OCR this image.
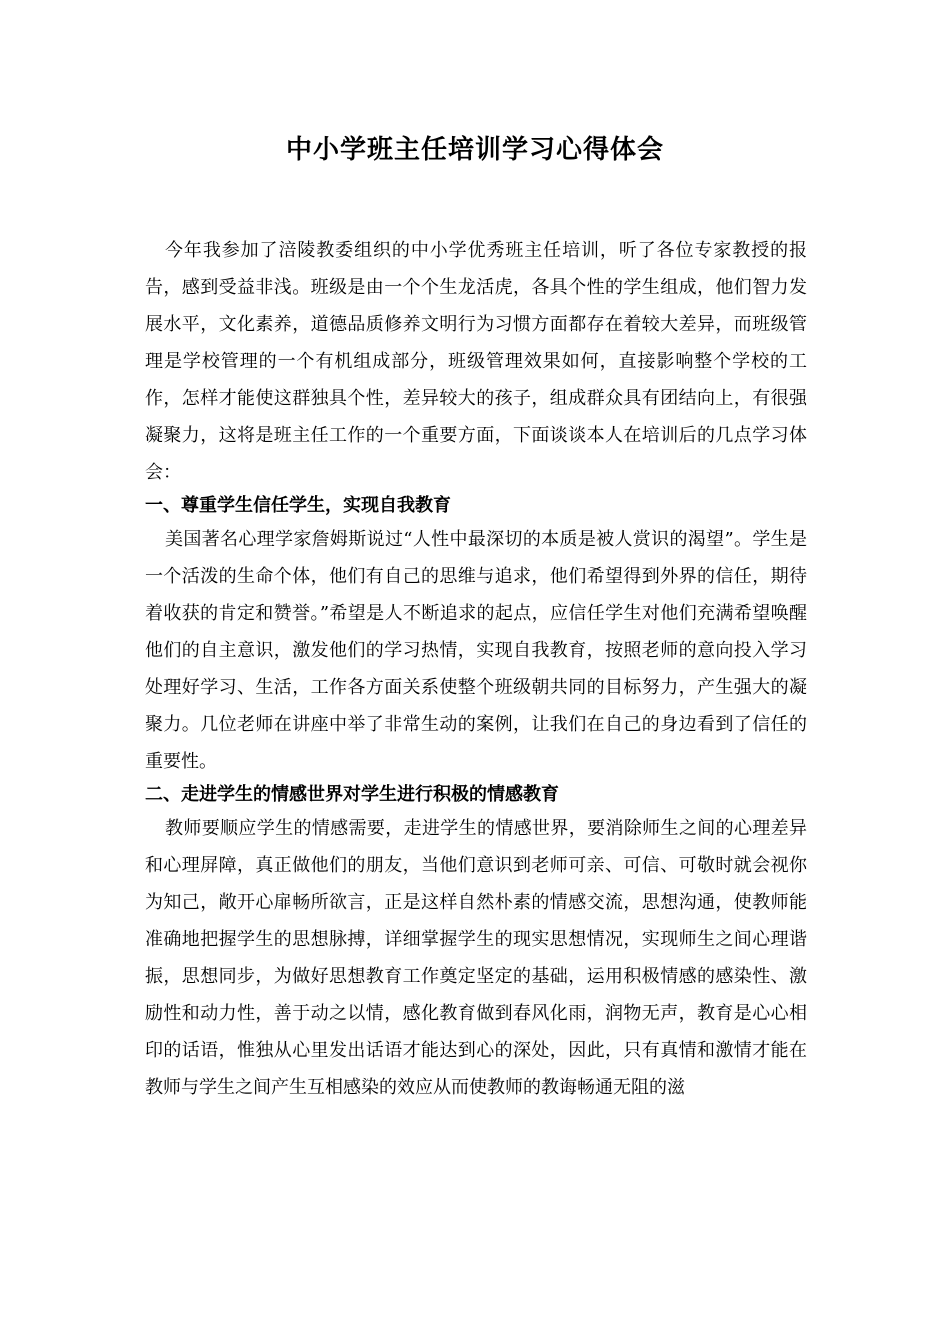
中小学班主任培训学习心得体会

今年我参加了涪陵教委组织的中小学优秀班主任培训，听了各位专家教授的报告，感到受益非浅。班级是由一个个生龙活虎，各具个性的学生组成，他们智力发展水平，文化素养，道德品质修养文明行为习惯方面都存在着较大差异，而班级管理是学校管理的一个有机组成部分，班级管理效果如何，直接影响整个学校的工作，怎样才能使这群独具个性，差异较大的孩子，组成群众具有团结向上，有很强凝聚力，这将是班主任工作的一个重要方面，下面谈谈本人在培训后的几点学习体会：

一、尊重学生信任学生，实现自我教育

美国著名心理学家詹姆斯说过“人性中最深切的本质是被人赏识的渴望”。学生是一个活泼的生命个体，他们有自己的思维与追求，他们希望得到外界的信任，期待着收获的肯定和赞誉。”希望是人不断追求的起点，应信任学生对他们充满希望唤醒他们的自主意识，激发他们的学习热情，实现自我教育，按照老师的意向投入学习处理好学习、生活，工作各方面关系使整个班级朝共同的目标努力，产生强大的凝聚力。几位老师在讲座中举了非常生动的案例，让我们在自己的身边看到了信任的重要性。

二、走进学生的情感世界对学生进行积极的情感教育

教师要顺应学生的情感需要，走进学生的情感世界，要消除师生之间的心理差异和心理屏障，真正做他们的朋友，当他们意识到老师可亲、可信、可敬时就会视你为知己，敞开心扉畅所欲言，正是这样自然朴素的情感交流，思想沟通，使教师能准确地把握学生的思想脉搏，详细掌握学生的现实思想情况，实现师生之间心理谐振，思想同步，为做好思想教育工作奠定坚定的基础，运用积极情感的感染性、激励性和动力性，善于动之以情，感化教育做到春风化雨，润物无声，教育是心心相印的话语，惟独从心里发出话语才能达到心的深处，因此，只有真情和激情才能在教师与学生之间产生互相感染的效应从而使教师的教诲畅通无阻的滋
